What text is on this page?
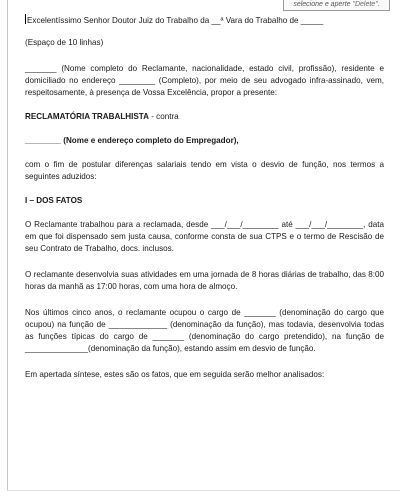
selecione e aperte "Delete".

Excelentíssimo Senhor Doutor Juiz do Trabalho da __ª Vara do Trabalho de _____

(Espaço de 10 linhas)

_______ (Nome completo do Reclamante, nacionalidade, estado civil, profissão), residente e domiciliado no endereço ________ (Completo), por meio de seu advogado infra-assinado, vem, respeitosamente, à presença de Vossa Excelência, propor a presente:

RECLAMATÓRIA TRABALHISTA - contra

________ (Nome e endereço completo do Empregador),

com o fim de postular diferenças salariais tendo em vista o desvio de função, nos termos a seguintes aduzidos:

I – DOS FATOS

O Reclamante trabalhou para a reclamada, desde ___/___/________ até ___/___/________, data em que foi dispensado sem justa causa, conforme consta de sua CTPS e o termo de Rescisão de seu Contrato de Trabalho, docs. inclusos.

O reclamante desenvolvia suas atividades em uma jornada de 8 horas diárias de trabalho, das 8:00 horas da manhã as 17:00 horas, com uma hora de almoço.

Nos últimos cinco anos, o reclamante ocupou o cargo de _______ (denominação do cargo que ocupou) na função de _____________ (denominação da função), mas todavia, desenvolvia todas as funções típicas do cargo de _______ (denominação do cargo pretendido), na função de ______________(denominação da função), estando assim em desvio de função.

Em apertada síntese, estes são os fatos, que em seguida serão melhor analisados:
